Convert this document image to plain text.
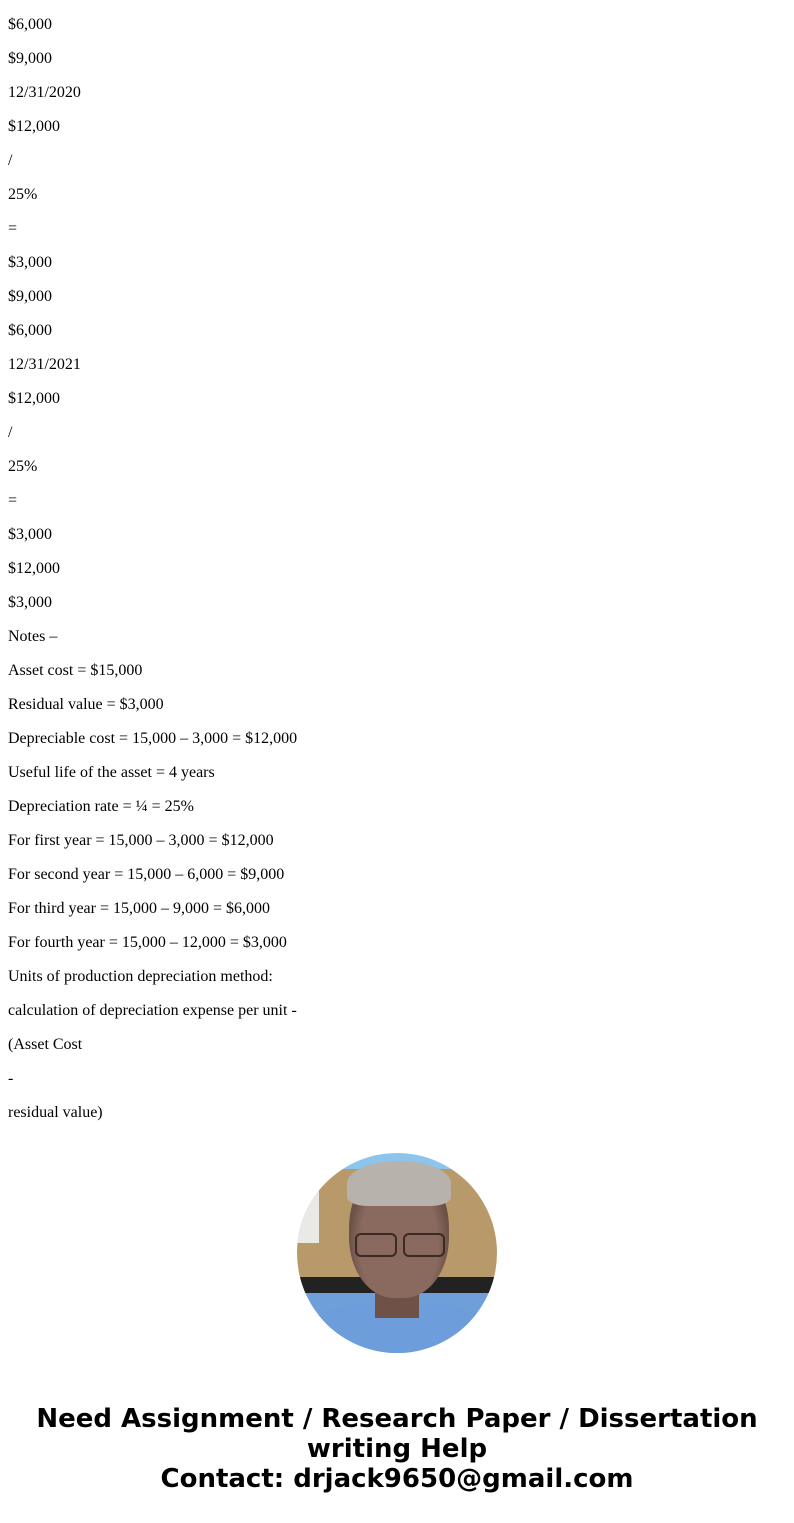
$6,000

$9,000

12/31/2020

$12,000

/

25%

=

$3,000

$9,000

$6,000

12/31/2021

$12,000

/

25%

=

$3,000

$12,000

$3,000

Notes –

Asset cost = $15,000

Residual value = $3,000

Depreciable cost = 15,000 – 3,000 = $12,000

Useful life of the asset = 4 years

Depreciation rate = ¼ = 25%

For first year = 15,000 – 3,000 = $12,000

For second year = 15,000 – 6,000 = $9,000

For third year = 15,000 – 9,000 = $6,000

For fourth year = 15,000 – 12,000 = $3,000

Units of production depreciation method:

calculation of depreciation expense per unit -

(Asset Cost

-

residual value)

Need Assignment / Research Paper / Dissertation
writing Help
Contact: drjack9650@gmail.com
